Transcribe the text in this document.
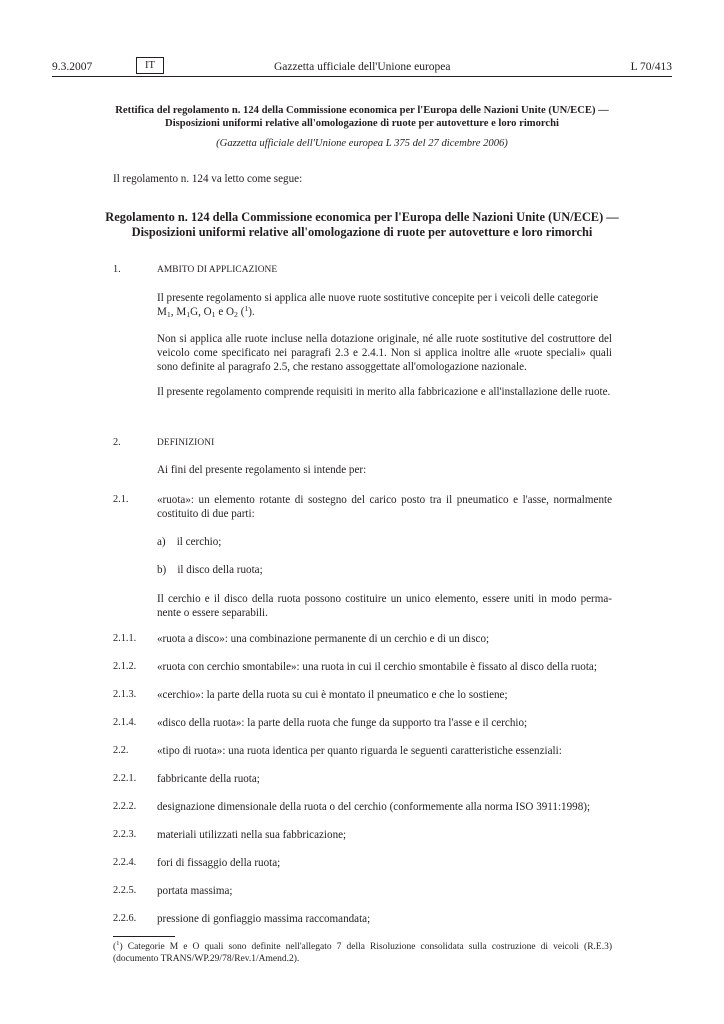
9.3.2007	IT	Gazzetta ufficiale dell'Unione europea	L 70/413
Rettifica del regolamento n. 124 della Commissione economica per l'Europa delle Nazioni Unite (UN/ECE) —
Disposizioni uniformi relative all'omologazione di ruote per autovetture e loro rimorchi
(Gazzetta ufficiale dell'Unione europea L 375 del 27 dicembre 2006)
Il regolamento n. 124 va letto come segue:
Regolamento n. 124 della Commissione economica per l'Europa delle Nazioni Unite (UN/ECE) —
Disposizioni uniformi relative all'omologazione di ruote per autovetture e loro rimorchi
1.	AMBITO DI APPLICAZIONE
Il presente regolamento si applica alle nuove ruote sostitutive concepite per i veicoli delle categorie
$M_1$, $M_1G$, $O_1$ e $O_2$ ($^1$).
Non si applica alle ruote incluse nella dotazione originale, né alle ruote sostitutive del costruttore del veicolo come specificato nei paragrafi 2.3 e 2.4.1. Non si applica inoltre alle «ruote speciali» quali sono definite al paragrafo 2.5, che restano assoggettate all'omologazione nazionale.
Il presente regolamento comprende requisiti in merito alla fabbricazione e all'installazione delle ruote.
2.	DEFINIZIONI
Ai fini del presente regolamento si intende per:
2.1.	«ruota»: un elemento rotante di sostegno del carico posto tra il pneumatico e l'asse, normalmente costituito di due parti:
a) il cerchio;
b) il disco della ruota;
Il cerchio e il disco della ruota possono costituire un unico elemento, essere uniti in modo perma-nente o essere separabili.
2.1.1. «ruota a disco»: una combinazione permanente di un cerchio e di un disco;
2.1.2. «ruota con cerchio smontabile»: una ruota in cui il cerchio smontabile è fissato al disco della ruota;
2.1.3. «cerchio»: la parte della ruota su cui è montato il pneumatico e che lo sostiene;
2.1.4. «disco della ruota»: la parte della ruota che funge da supporto tra l'asse e il cerchio;
2.2.	«tipo di ruota»: una ruota identica per quanto riguarda le seguenti caratteristiche essenziali:
2.2.1. fabbricante della ruota;
2.2.2. designazione dimensionale della ruota o del cerchio (conformemente alla norma ISO 3911:1998);
2.2.3. materiali utilizzati nella sua fabbricazione;
2.2.4. fori di fissaggio della ruota;
2.2.5. portata massima;
2.2.6. pressione di gonfiaggio massima raccomandata;
($^1$) Categorie M e O quali sono definite nell'allegato 7 della Risoluzione consolidata sulla costruzione di veicoli (R.E.3) (documento TRANS/WP.29/78/Rev.1/Amend.2).
